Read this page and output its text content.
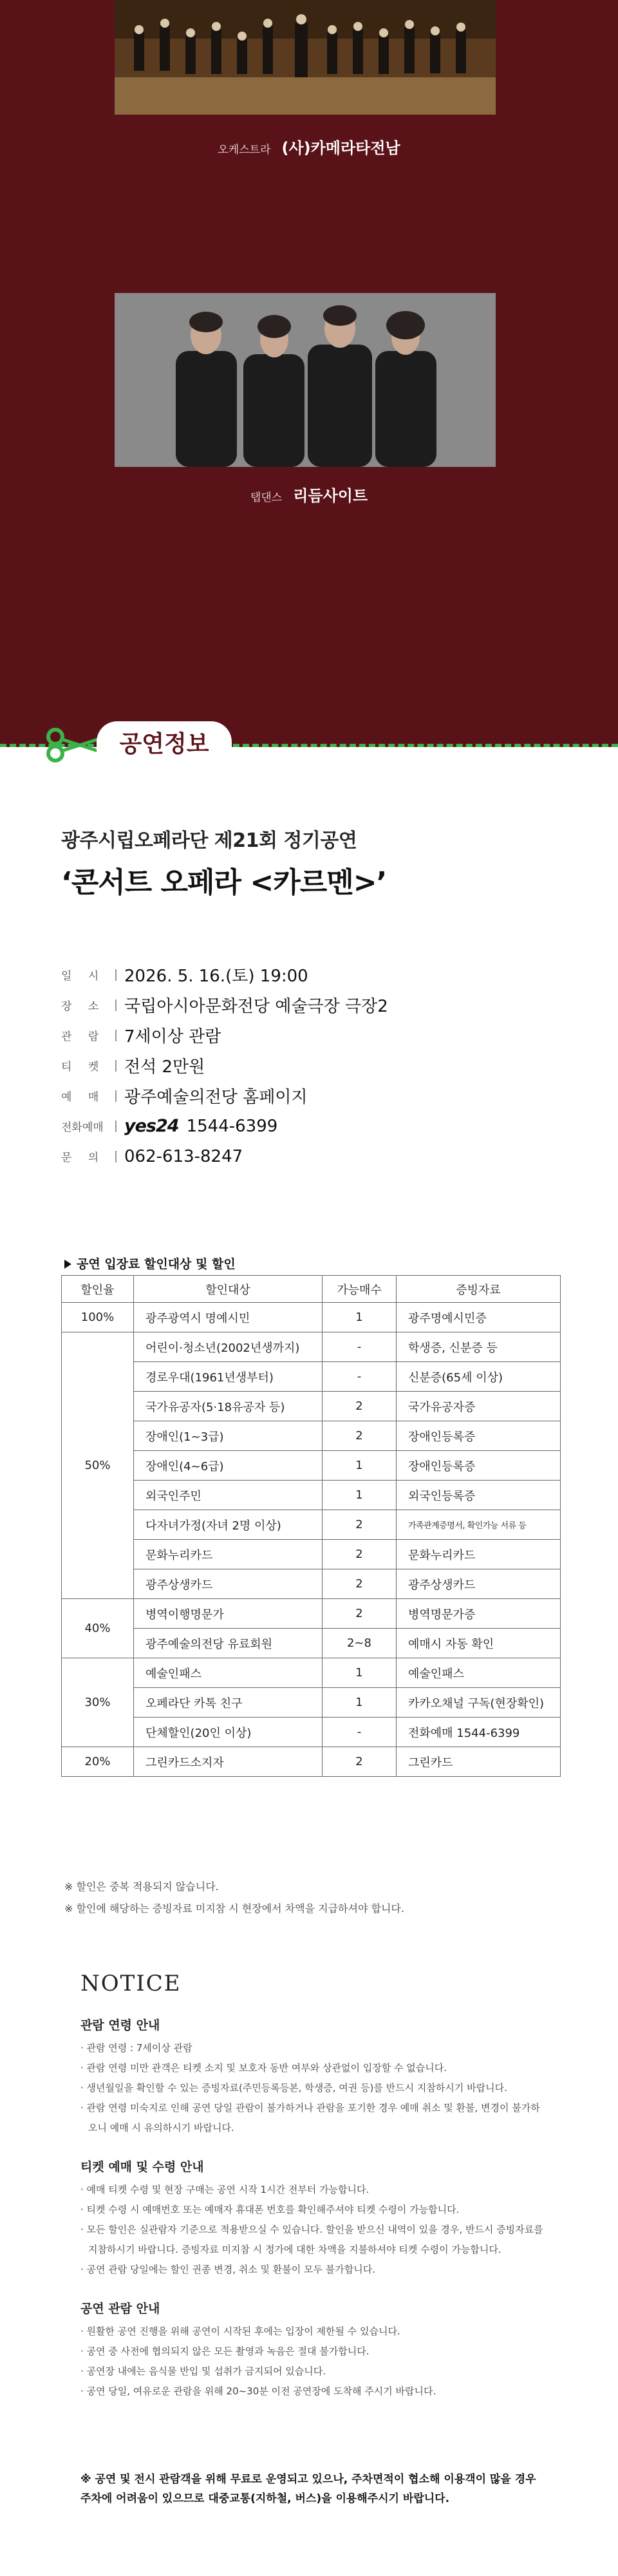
오케스트라 (사)카메라타전남
탭댄스 리듬사이트
공연정보
광주시립오페라단 제21회 정기공연
‘콘서트 오페라 <카르멘>’
일 시	2026. 5. 16.(토) 19:00
장 소	국립아시아문화전당 예술극장 극장2
관 람	7세이상 관람
티 켓	전석 2만원
예 매	광주예술의전당 홈페이지
전화예매	yes24 1544-6399
문 의	062-613-8247
공연 입장료 할인대상 및 할인
할인율	할인대상	가능매수	증빙자료
100%	광주광역시 명예시민	1	광주명예시민증
50%	어린이·청소년(2002년생까지)	-	학생증, 신분증 등
	경로우대(1961년생부터)	-	신분증(65세 이상)
	국가유공자(5·18유공자 등)	2	국가유공자증
	장애인(1~3급)	2	장애인등록증
	장애인(4~6급)	1	장애인등록증
	외국인주민	1	외국인등록증
	다자녀가정(자녀 2명 이상)	2	가족관계증명서, 확인가능 서류 등
	문화누리카드	2	문화누리카드
	광주상생카드	2	광주상생카드
40%	병역이행명문가	2	병역명문가증
	광주예술의전당 유료회원	2~8	예매시 자동 확인
30%	예술인패스	1	예술인패스
	오페라단 카톡 친구	1	카카오채널 구독(현장확인)
	단체할인(20인 이상)	-	전화예매 1544-6399
20%	그린카드소지자	2	그린카드

※ 할인은 중복 적용되지 않습니다.

※ 할인에 해당하는 증빙자료 미지참 시 현장에서 차액을 지급하셔야 합니다.

NOTICE
관람 연령 안내
· 관람 연령 : 7세이상 관람
· 관람 연령 미만 관객은 티켓 소지 및 보호자 동반 여부와 상관없이 입장할 수 없습니다.
· 생년월일을 확인할 수 있는 증빙자료(주민등록등본, 학생증, 여권 등)를 반드시 지참하시기 바랍니다.
· 관람 연령 미숙지로 인해 공연 당일 관람이 불가하거나 관람을 포기한 경우 예매 취소 및 환불, 변경이 불가하오니 예매 시 유의하시기 바랍니다.
티켓 예매 및 수령 안내
· 예매 티켓 수령 및 현장 구매는 공연 시작 1시간 전부터 가능합니다.
· 티켓 수령 시 예매번호 또는 예매자 휴대폰 번호를 확인해주셔야 티켓 수령이 가능합니다.
· 모든 할인은 실관람자 기준으로 적용받으실 수 있습니다. 할인을 받으신 내역이 있을 경우, 반드시 증빙자료를 지참하시기 바랍니다. 증빙자료 미지참 시 정가에 대한 차액을 지불하셔야 티켓 수령이 가능합니다.
· 공연 관람 당일에는 할인 권종 변경, 취소 및 환불이 모두 불가합니다.
공연 관람 안내
· 원활한 공연 진행을 위해 공연이 시작된 후에는 입장이 제한될 수 있습니다.
· 공연 중 사전에 협의되지 않은 모든 촬영과 녹음은 절대 불가합니다.
· 공연장 내에는 음식물 반입 및 섭취가 금지되어 있습니다.
· 공연 당일, 여유로운 관람을 위해 20~30분 이전 공연장에 도착해 주시기 바랍니다.

※ 공연 및 전시 관람객을 위해 무료로 운영되고 있으나, 주차면적이 협소해 이용객이 많을 경우

주차에 어려움이 있으므로 대중교통(지하철, 버스)을 이용해주시기 바랍니다.
